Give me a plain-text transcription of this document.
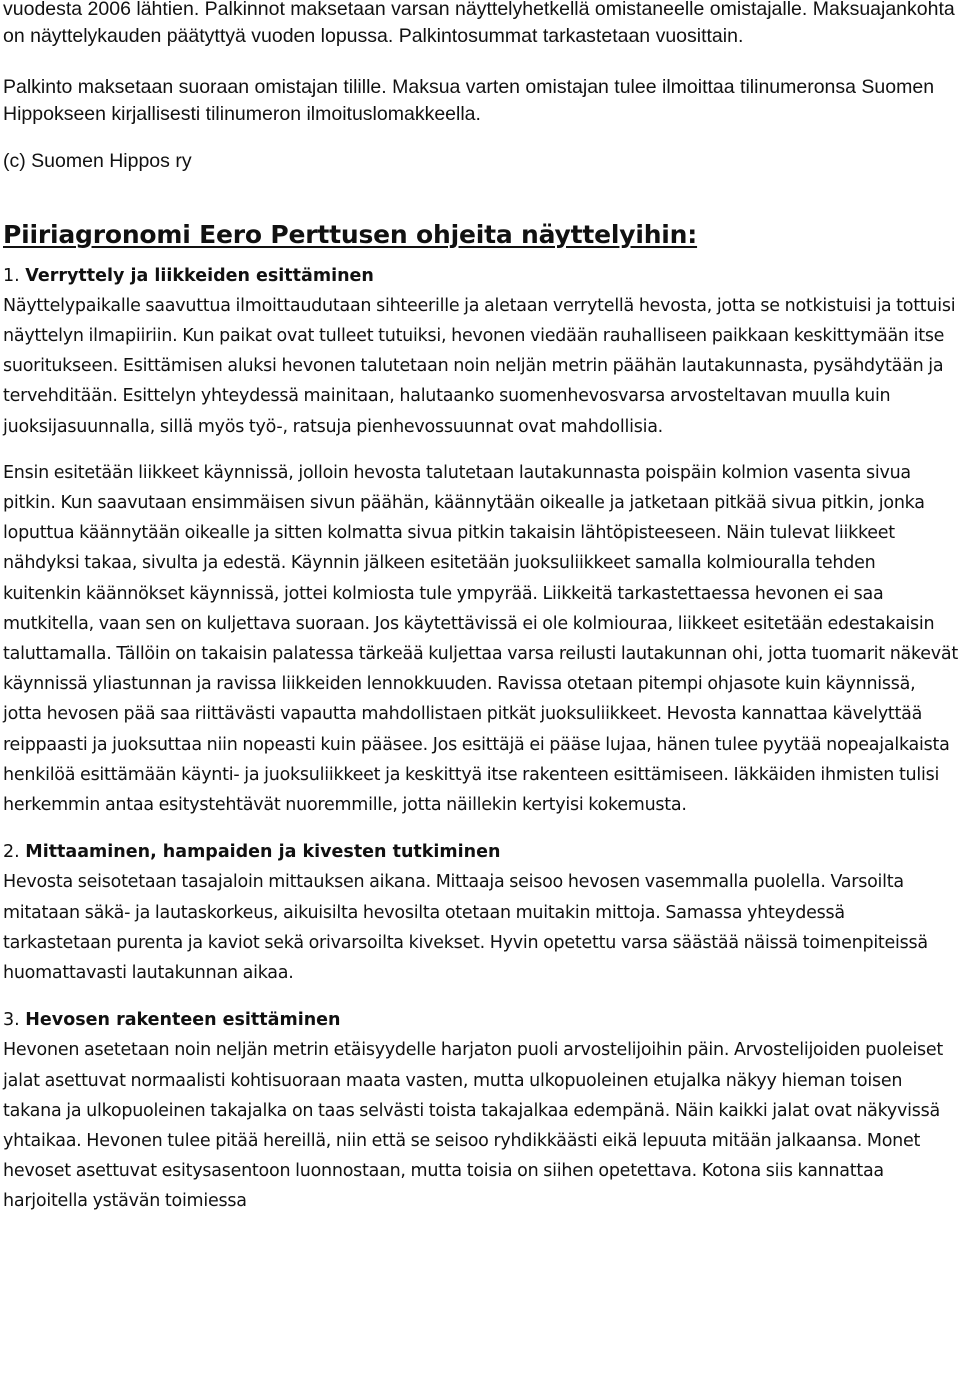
vuodesta 2006 lähtien. Palkinnot maksetaan varsan näyttelyhetkellä omistaneelle omistajalle. Maksuajankohta on näyttelykauden päätyttyä vuoden lopussa. Palkintosummat tarkastetaan vuosittain.

Palkinto maksetaan suoraan omistajan tilille. Maksua varten omistajan tulee ilmoittaa tilinumeronsa Suomen Hippokseen kirjallisesti tilinumeron ilmoituslomakkeella.

(c) Suomen Hippos ry

Piiriagronomi Eero Perttusen ohjeita näyttelyihin:

1. Verryttely ja liikkeiden esittäminen

Näyttelypaikalle saavuttua ilmoittaudutaan sihteerille ja aletaan verrytellä hevosta, jotta se notkistuisi ja tottuisi näyttelyn ilmapiiriin. Kun paikat ovat tulleet tutuiksi, hevonen viedään rauhalliseen paikkaan keskittymään itse suoritukseen. Esittämisen aluksi hevonen talutetaan noin neljän metrin päähän lautakunnasta, pysähdytään ja tervehditään. Esittelyn yhteydessä mainitaan, halutaanko suomenhevosvarsa arvosteltavan muulla kuin juoksijasuunnalla, sillä myös työ-, ratsuja pienhevossuunnat ovat mahdollisia.

Ensin esitetään liikkeet käynnissä, jolloin hevosta talutetaan lautakunnasta poispäin kolmion vasenta sivua pitkin. Kun saavutaan ensimmäisen sivun päähän, käännytään oikealle ja jatketaan pitkää sivua pitkin, jonka loputtua käännytään oikealle ja sitten kolmatta sivua pitkin takaisin lähtöpisteeseen. Näin tulevat liikkeet nähdyksi takaa, sivulta ja edestä. Käynnin jälkeen esitetään juoksuliikkeet samalla kolmiouralla tehden kuitenkin käännökset käynnissä, jottei kolmiosta tule ympyrää. Liikkeitä tarkastettaessa hevonen ei saa mutkitella, vaan sen on kuljettava suoraan. Jos käytettävissä ei ole kolmiouraa, liikkeet esitetään edestakaisin taluttamalla. Tällöin on takaisin palatessa tärkeää kuljettaa varsa reilusti lautakunnan ohi, jotta tuomarit näkevät käynnissä yliastunnan ja ravissa liikkeiden lennokkuuden. Ravissa otetaan pitempi ohjasote kuin käynnissä, jotta hevosen pää saa riittävästi vapautta mahdollistaen pitkät juoksuliikkeet. Hevosta kannattaa kävelyttää reippaasti ja juoksuttaa niin nopeasti kuin pääsee. Jos esittäjä ei pääse lujaa, hänen tulee pyytää nopeajalkaista henkilöä esittämään käynti- ja juoksuliikkeet ja keskittyä itse rakenteen esittämiseen. Iäkkäiden ihmisten tulisi herkemmin antaa esitystehtävät nuoremmille, jotta näillekin kertyisi kokemusta.

2. Mittaaminen, hampaiden ja kivesten tutkiminen

Hevosta seisotetaan tasajaloin mittauksen aikana. Mittaaja seisoo hevosen vasemmalla puolella. Varsoilta mitataan säkä- ja lautaskorkeus, aikuisilta hevosilta otetaan muitakin mittoja. Samassa yhteydessä tarkastetaan purenta ja kaviot sekä orivarsoilta kivekset. Hyvin opetettu varsa säästää näissä toimenpiteissä huomattavasti lautakunnan aikaa.

3. Hevosen rakenteen esittäminen

Hevonen asetetaan noin neljän metrin etäisyydelle harjaton puoli arvostelijoihin päin. Arvostelijoiden puoleiset jalat asettuvat normaalisti kohtisuoraan maata vasten, mutta ulkopuoleinen etujalka näkyy hieman toisen takana ja ulkopuoleinen takajalka on taas selvästi toista takajalkaa edempänä. Näin kaikki jalat ovat näkyvissä yhtaikaa. Hevonen tulee pitää hereillä, niin että se seisoo ryhdikkäästi eikä lepuuta mitään jalkaansa. Monet hevoset asettuvat esitysasentoon luonnostaan, mutta toisia on siihen opetettava. Kotona siis kannattaa harjoitella ystävän toimiessa
